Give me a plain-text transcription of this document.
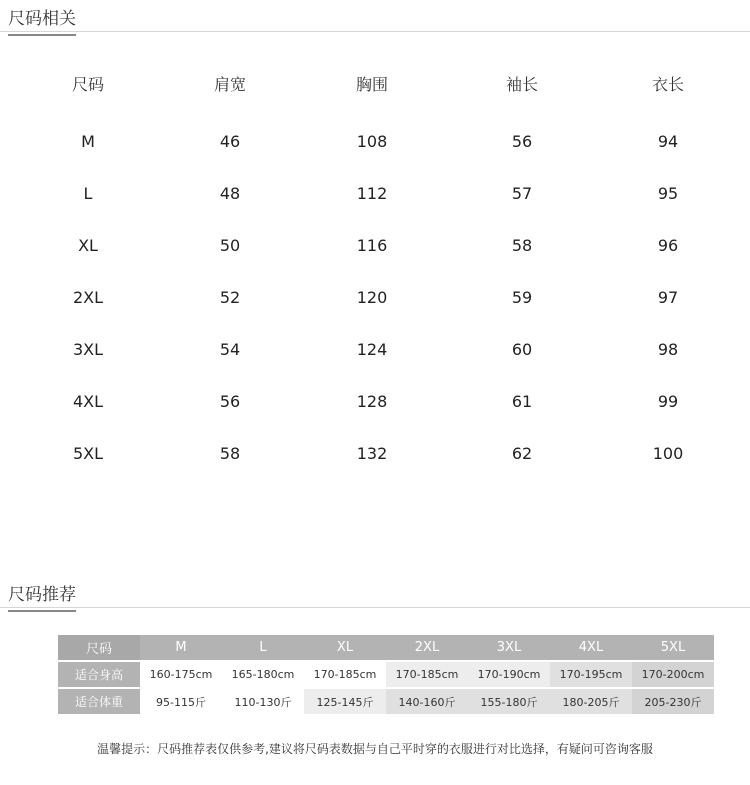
尺码相关
尺码	肩宽	胸围	袖长	衣长
M	46	108	56	94
L	48	112	57	95
XL	50	116	58	96
2XL	52	120	59	97
3XL	54	124	60	98
4XL	56	128	61	99
5XL	58	132	62	100
尺码推荐
尺码	M	L	XL	2XL	3XL	4XL	5XL
适合身高	160-175cm	165-180cm	170-185cm	170-185cm	170-190cm	170-195cm	170-200cm
适合体重	95-115斤	110-130斤	125-145斤	140-160斤	155-180斤	180-205斤	205-230斤
温馨提示：尺码推荐表仅供参考,建议将尺码表数据与自己平时穿的衣服进行对比选择，有疑问可咨询客服
